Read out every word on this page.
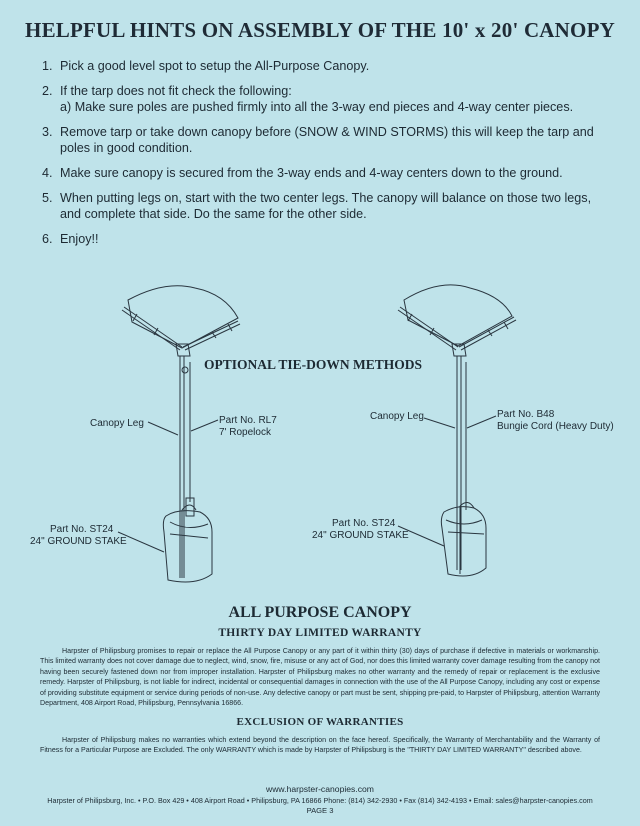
HELPFUL HINTS ON ASSEMBLY OF THE 10' x 20' CANOPY
1. Pick a good level spot to setup the All-Purpose Canopy.
2. If the tarp does not fit check the following:
a) Make sure poles are pushed firmly into all the 3-way end pieces and 4-way center pieces.
3. Remove tarp or take down canopy before (SNOW & WIND STORMS) this will keep the tarp and poles in good condition.
4. Make sure canopy is secured from the 3-way ends and 4-way centers down to the ground.
5. When putting legs on, start with the two center legs. The canopy will balance on those two legs, and complete that side. Do the same for the other side.
6. Enjoy!!
OPTIONAL TIE-DOWN METHODS
Canopy Leg	Part No. RL7
7' Ropelock
Part No. ST24
24" GROUND STAKE
Canopy Leg	Part No. B48
Bungie Cord (Heavy Duty)
Part No. ST24
24" GROUND STAKE
ALL PURPOSE CANOPY
THIRTY DAY LIMITED WARRANTY

Harpster of Philipsburg promises to repair or replace the All Purpose Canopy or any part of it within thirty (30) days of purchase if defective in materials or workmanship. This limited warranty does not cover damage due to neglect, wind, snow, fire, misuse or any act of God, nor does this limited warranty cover damage resulting from the canopy not having been securely fastened down nor from improper installation. Harpster of Philipsburg makes no other warranty and the remedy of repair or replacement is the exclusive remedy. Harpster of Philipsburg, is not liable for indirect, incidental or consequential damages in connection with the use of the All Purpose Canopy, including any cost or expense of providing substitute equipment or service during periods of non-use. Any defective canopy or part must be sent, shipping pre-paid, to Harpster of Philipsburg, attention Warranty Department, 408 Airport Road, Philipsburg, Pennsylvania 16866.

EXCLUSION OF WARRANTIES

Harpster of Philipsburg makes no warranties which extend beyond the description on the face hereof. Specifically, the Warranty of Merchantability and the Warranty of Fitness for a Particular Purpose are Excluded. The only WARRANTY which is made by Harpster of Philipsburg is the "THIRTY DAY LIMITED WARRANTY" described above.

www.harpster-canopies.com
Harpster of Philipsburg, Inc. • P.O. Box 429 • 408 Airport Road • Philipsburg, PA 16866 Phone: (814) 342-2930 • Fax (814) 342-4193 • Email: sales@harpster-canopies.com
PAGE 3
